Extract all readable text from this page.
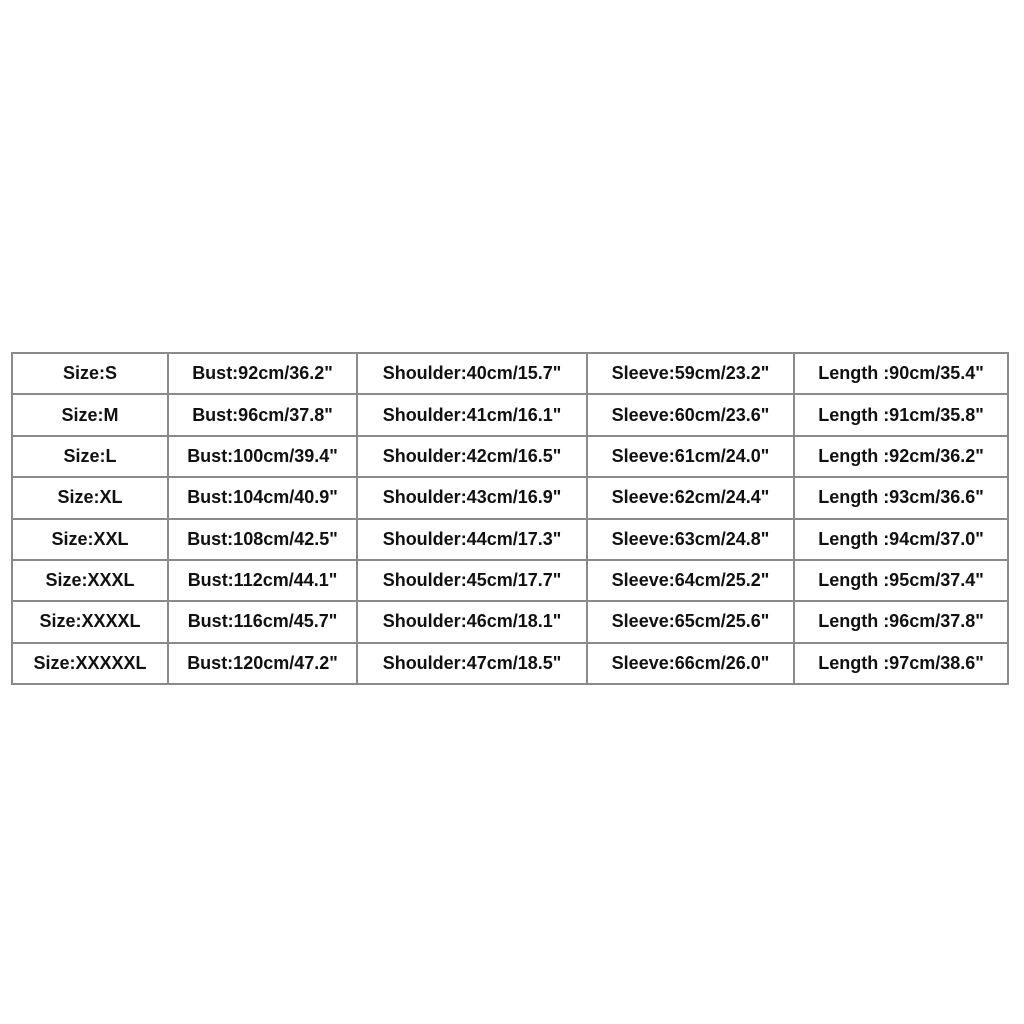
Size:S	Bust:92cm/36.2"	Shoulder:40cm/15.7"	Sleeve:59cm/23.2"	Length :90cm/35.4"
Size:M	Bust:96cm/37.8"	Shoulder:41cm/16.1"	Sleeve:60cm/23.6"	Length :91cm/35.8"
Size:L	Bust:100cm/39.4"	Shoulder:42cm/16.5"	Sleeve:61cm/24.0"	Length :92cm/36.2"
Size:XL	Bust:104cm/40.9"	Shoulder:43cm/16.9"	Sleeve:62cm/24.4"	Length :93cm/36.6"
Size:XXL	Bust:108cm/42.5"	Shoulder:44cm/17.3"	Sleeve:63cm/24.8"	Length :94cm/37.0"
Size:XXXL	Bust:112cm/44.1"	Shoulder:45cm/17.7"	Sleeve:64cm/25.2"	Length :95cm/37.4"
Size:XXXXL	Bust:116cm/45.7"	Shoulder:46cm/18.1"	Sleeve:65cm/25.6"	Length :96cm/37.8"
Size:XXXXXL	Bust:120cm/47.2"	Shoulder:47cm/18.5"	Sleeve:66cm/26.0"	Length :97cm/38.6"
